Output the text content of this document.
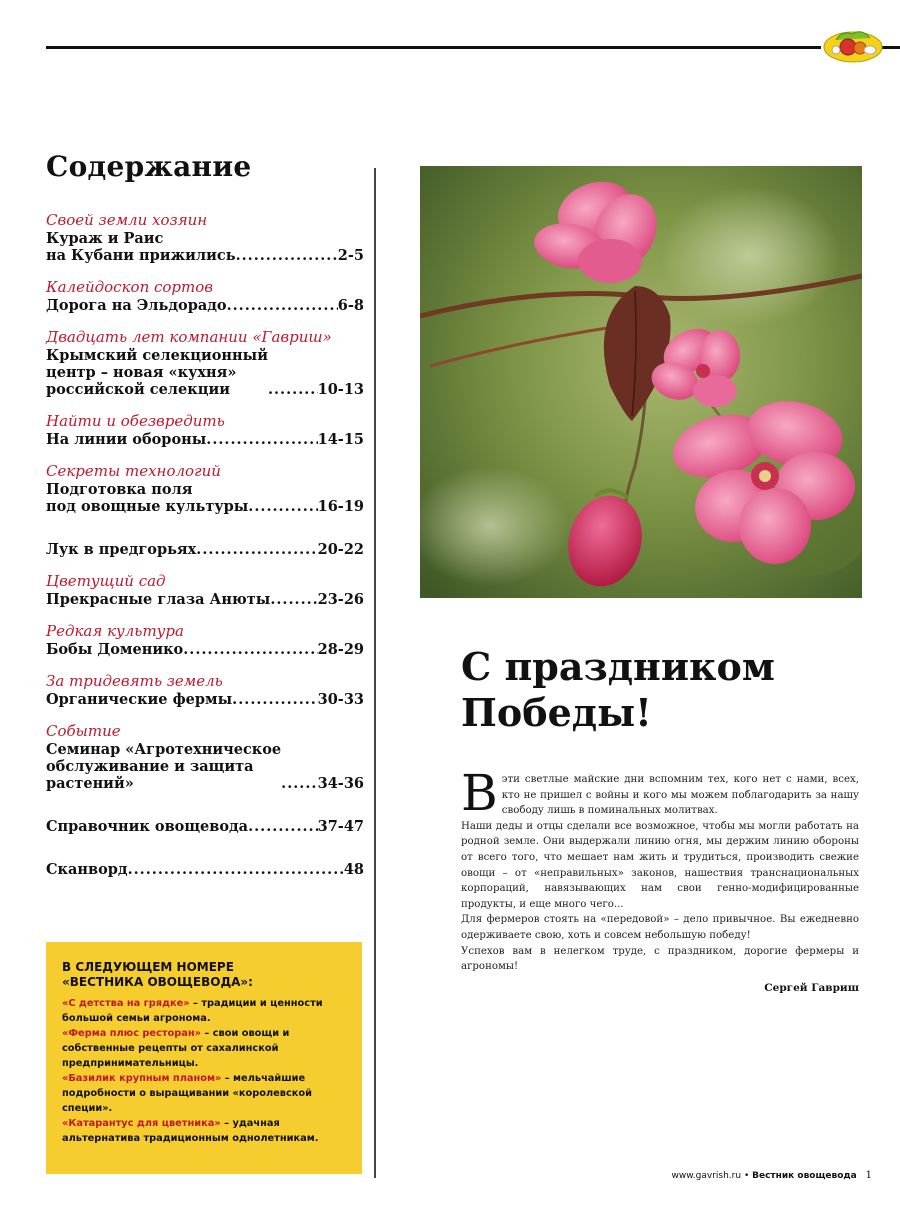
Содержание
Своей земли хозяин
Кураж и Раис
на Кубани прижились .....	2-5
Калейдоскоп сортов
Дорога на Эльдорадо .....	6-8
Двадцать лет компании «Гавриш»
Крымский селекционный
центр – новая «кухня»
российской селекции .....	10-13
Найти и обезвредить
На линии обороны .....	14-15
Секреты технологий
Подготовка поля
под овощные культуры .....	16-19
Лук в предгорьях .....	20-22
Цветущий сад
Прекрасные глаза Анюты .....	23-26
Редкая культура
Бобы Доменико .....	28-29
За тридевять земель
Органические фермы .....	30-33
Событие
Семинар «Агротехническое
обслуживание и защита
растений» .....	34-36
Справочник овощевода .....	37-47
Сканворд .....	48
В СЛЕДУЮЩЕМ НОМЕРЕ
«ВЕСТНИКА ОВОЩЕВОДА»:
«С детства на грядке» – традиции и ценности большой семьи агронома.
«Ферма плюс ресторан» – свои овощи и собственные рецепты от сахалинской предпринимательницы.
«Базилик крупным планом» – мельчайшие подробности о выращивании «королевской специи».
«Катарантус для цветника» – удачная альтернатива традиционным однолетникам.
С праздником
Победы!
В эти светлые майские дни вспомним тех, кого нет с нами, всех, кто не пришел с войны и кого мы можем поблагодарить за нашу свободу лишь в поминальных молитвах.

Наши деды и отцы сделали все возможное, чтобы мы могли работать на родной земле. Они выдержали линию огня, мы держим линию обороны от всего того, что мешает нам жить и трудиться, производить свежие овощи – от «неправильных» законов, нашествия транснациональных корпораций, навязывающих нам свои генно-модифицированные продукты, и еще много чего...

Для фермеров стоять на «передовой» – дело привычное. Вы ежедневно одерживаете свою, хоть и совсем небольшую победу!

Успехов вам в нелегком труде, с праздником, дорогие фермеры и агрономы!

Сергей Гавриш
www.gavrish.ru • Вестник овощевода 1
